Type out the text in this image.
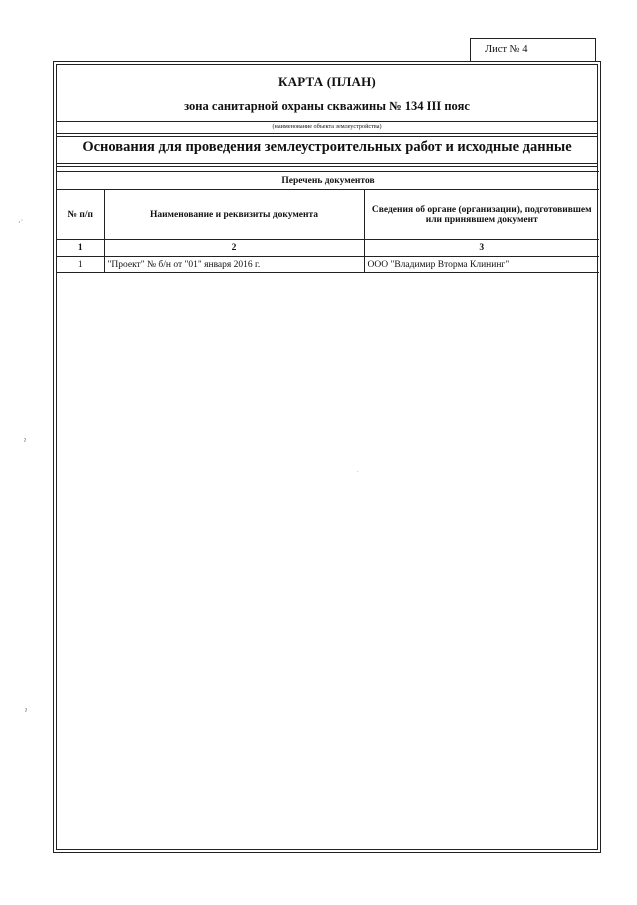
Лист № 4
КАРТА (ПЛАН)
зона санитарной охраны скважины № 134 III пояс
(наименование объекта землеустройства)
Основания для проведения землеустроительных работ и исходные данные
Перечень документов		
№ п/п	Наименование и реквизиты документа	Сведения об органе (организации), подготовившем или принявшем документ
1	2	3
1	"Проект" № б/н от "01" января 2016 г.	ООО "Владимир Вторма Клининг"
·˙
ˀ
ˀ
·
